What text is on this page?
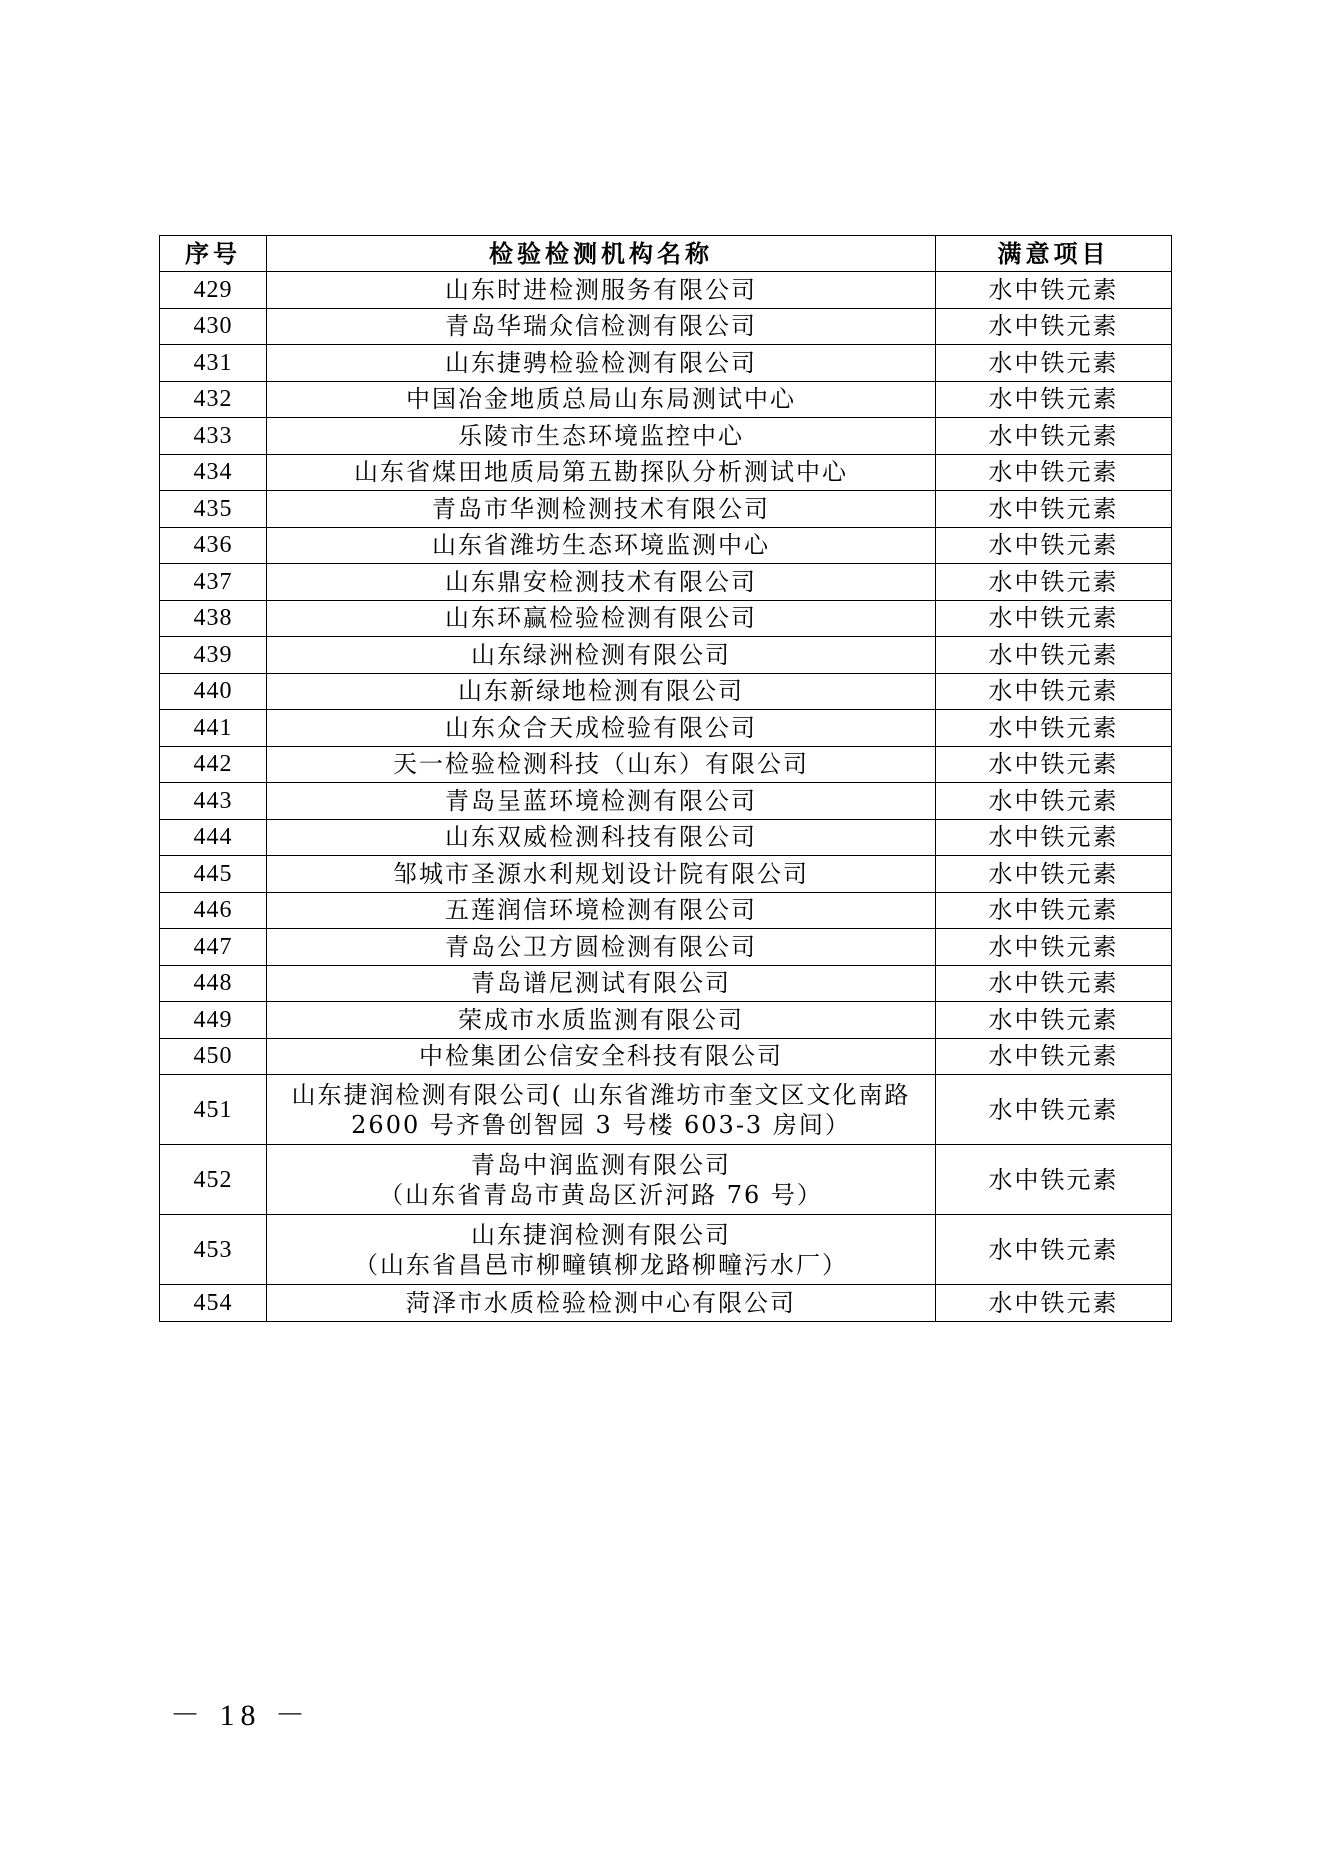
序号	检验检测机构名称	满意项目
429	山东时进检测服务有限公司	水中铁元素
430	青岛华瑞众信检测有限公司	水中铁元素
431	山东捷骋检验检测有限公司	水中铁元素
432	中国冶金地质总局山东局测试中心	水中铁元素
433	乐陵市生态环境监控中心	水中铁元素
434	山东省煤田地质局第五勘探队分析测试中心	水中铁元素
435	青岛市华测检测技术有限公司	水中铁元素
436	山东省潍坊生态环境监测中心	水中铁元素
437	山东鼎安检测技术有限公司	水中铁元素
438	山东环赢检验检测有限公司	水中铁元素
439	山东绿洲检测有限公司	水中铁元素
440	山东新绿地检测有限公司	水中铁元素
441	山东众合天成检验有限公司	水中铁元素
442	天一检验检测科技（山东）有限公司	水中铁元素
443	青岛呈蓝环境检测有限公司	水中铁元素
444	山东双威检测科技有限公司	水中铁元素
445	邹城市圣源水利规划设计院有限公司	水中铁元素
446	五莲润信环境检测有限公司	水中铁元素
447	青岛公卫方圆检测有限公司	水中铁元素
448	青岛谱尼测试有限公司	水中铁元素
449	荣成市水质监测有限公司	水中铁元素
450	中检集团公信安全科技有限公司	水中铁元素
451	山东捷润检测有限公司( 山东省潍坊市奎文区文化南路
2600 号齐鲁创智园 3 号楼 603-3 房间）	水中铁元素
452	青岛中润监测有限公司
（山东省青岛市黄岛区沂河路 76 号）	水中铁元素
453	山东捷润检测有限公司
（山东省昌邑市柳疃镇柳龙路柳疃污水厂）	水中铁元素
454	菏泽市水质检验检测中心有限公司	水中铁元素
－ 18 －
